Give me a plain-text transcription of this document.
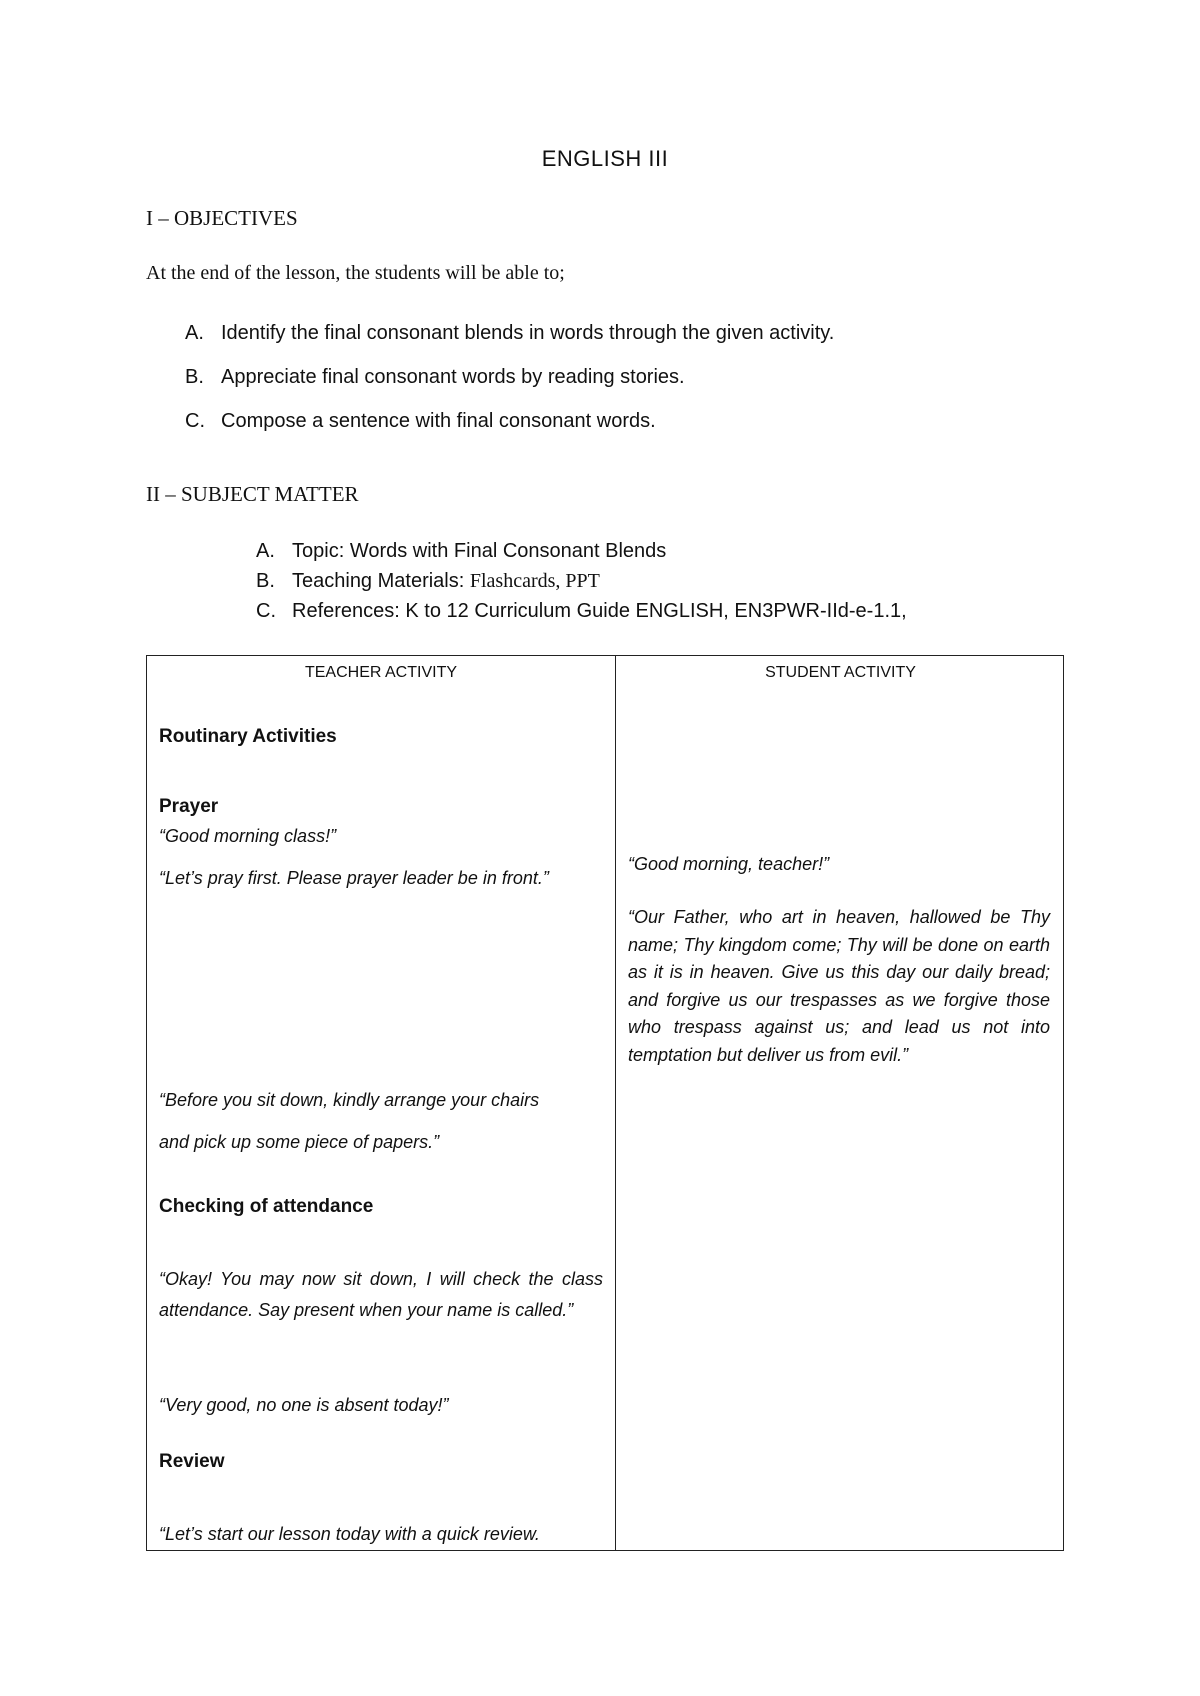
ENGLISH III
I – OBJECTIVES
At the end of the lesson, the students will be able to;
A. Identify the final consonant blends in words through the given activity.
B. Appreciate final consonant words by reading stories.
C. Compose a sentence with final consonant words.
II – SUBJECT MATTER
A. Topic: Words with Final Consonant Blends
B. Teaching Materials: Flashcards, PPT
C. References: K to 12 Curriculum Guide ENGLISH, EN3PWR-IId-e-1.1,
TEACHER ACTIVITY	STUDENT ACTIVITY
Routinary Activities
Prayer
“Good morning class!”
“Let’s pray first. Please prayer leader be in front.”
“Before you sit down, kindly arrange your chairs
and pick up some piece of papers.”
Checking of attendance
“Okay! You may now sit down, I will check the class attendance. Say present when your name is called.”
“Very good, no one is absent today!”
Review
“Let’s start our lesson today with a quick review.
“Good morning, teacher!”
“Our Father, who art in heaven, hallowed be Thy name; Thy kingdom come; Thy will be done on earth as it is in heaven. Give us this day our daily bread; and forgive us our trespasses as we forgive those who trespass against us; and lead us not into temptation but deliver us from evil.”
